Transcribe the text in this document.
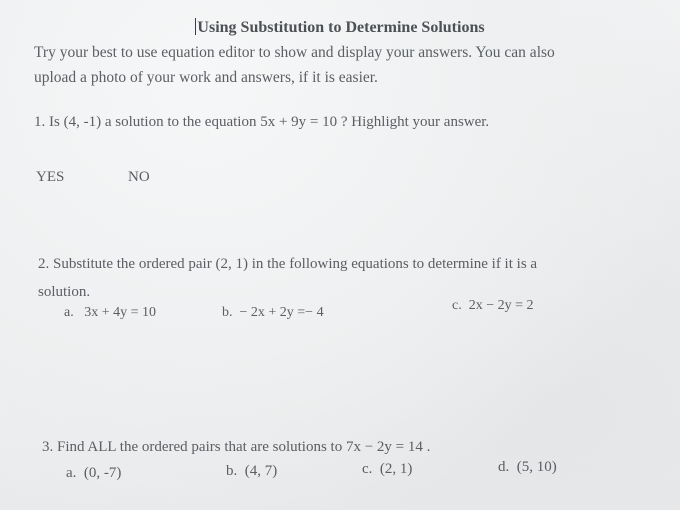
Using Substitution to Determine Solutions
Try your best to use equation editor to show and display your answers. You can also
upload a photo of your work and answers, if it is easier.
1. Is (4, -1) a solution to the equation 5x + 9y = 10 ? Highlight your answer.
YES	NO
2. Substitute the ordered pair (2, 1) in the following equations to determine if it is a
solution.
a. 3x + 4y = 10	b. − 2x + 2y =− 4	c. 2x − 2y = 2
3. Find ALL the ordered pairs that are solutions to 7x − 2y = 14 .
a. (0, -7)	b. (4, 7)	c. (2, 1)	d. (5, 10)
